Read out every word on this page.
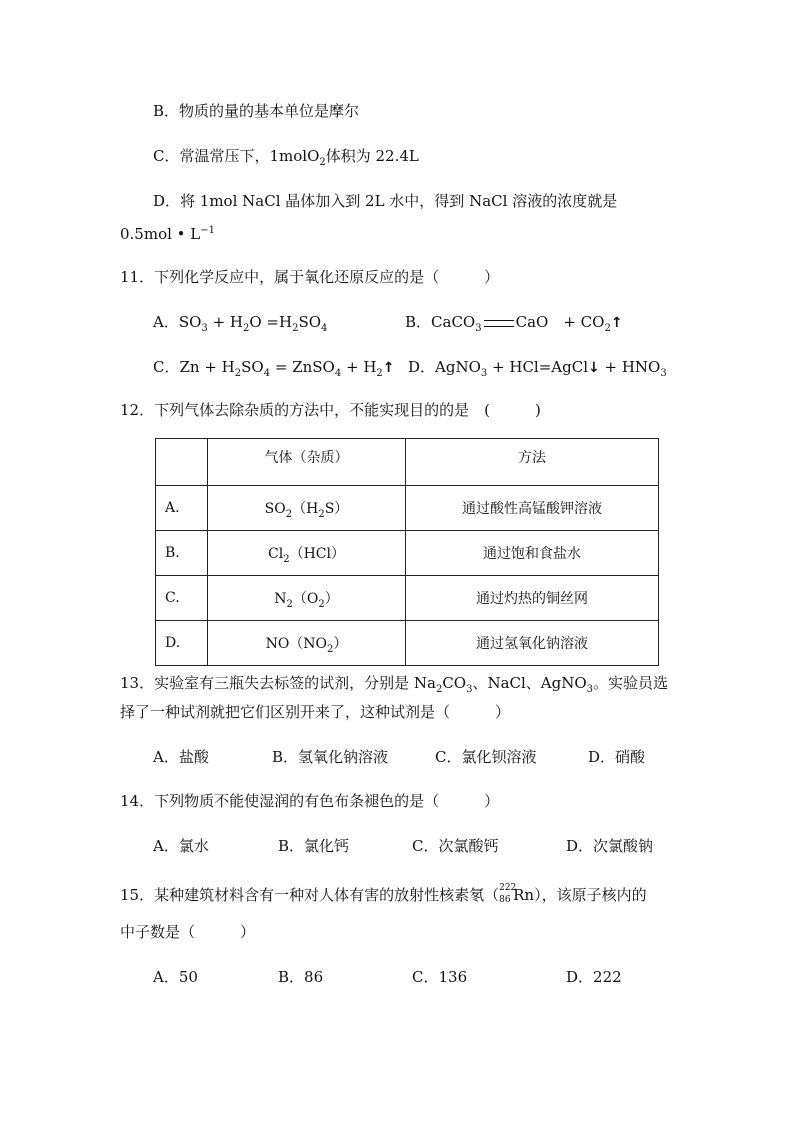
B．物质的量的基本单位是摩尔
C．常温常压下，1molO$_2$体积为 22.4L
D．将 1mol NaCl 晶体加入到 2L 水中，得到 NaCl 溶液的浓度就是
0.5mol • $L^{-1}$
11．下列化学反应中，属于氧化还原反应的是（　　　）
A．$SO_3 + H_2O =H_2SO_4$	B．CaCO$_3$ CaO　+ $CO_2↑$
C．$Zn + H_2SO_4$ = ZnSO$_4$ + $H_2↑$ D．AgNO$_3$ + HCl=AgCl↓ + $HNO_3$
12．下列气体去除杂质的方法中，不能实现目的的是　(　　　)
	气体（杂质）	方法
A.	$SO_2(H_2S)$	通过酸性高锰酸钾溶液
B.	$Cl_2(HCl)$	通过饱和食盐水
C.	$N_2(O_2)$	通过灼热的铜丝网
D.	$NO(NO_2)$	通过氢氧化钠溶液
13．实验室有三瓶失去标签的试剂，分别是 $Na_2CO_3$、NaCl、AgNO$_3$。实验员选
择了一种试剂就把它们区别开来了，这种试剂是（　　　）
A．盐酸	B．氢氧化钠溶液	C．氯化钡溶液	D．硝酸
14．下列物质不能使湿润的有色布条褪色的是（　　　）
A．氯水	B．氯化钙	C．次氯酸钙	D．次氯酸钠
15．某种建筑材料含有一种对人体有害的放射性核素氡（ 222
86 Rn），该原子核内的
中子数是（　　　）
A．50	B．86	C．136	D．222
